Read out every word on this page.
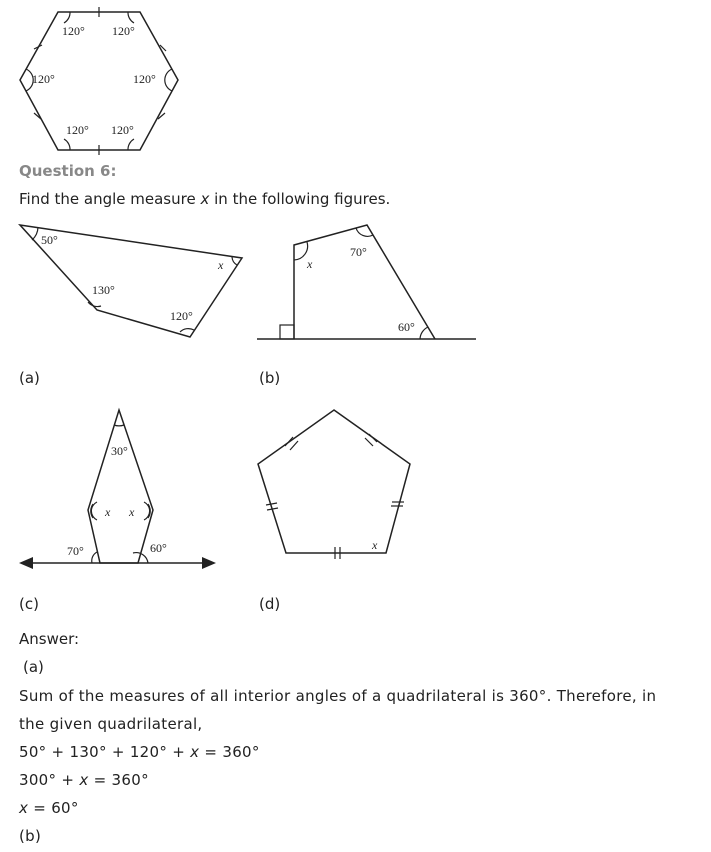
120° 120°
120°	120°
120° 120°

Question 6:

Find the angle measure x in the following figures.

50°
130°
120°
x

(a)

x
70°
60°

(b)

30°
x x
70°	60°

(c)

x

(d)

Answer:

(a)

Sum of the measures of all interior angles of a quadrilateral is 360°. Therefore, in

the given quadrilateral,

50° + 130° + 120° + x = 360°

300° + x = 360°

x = 60°

(b)
